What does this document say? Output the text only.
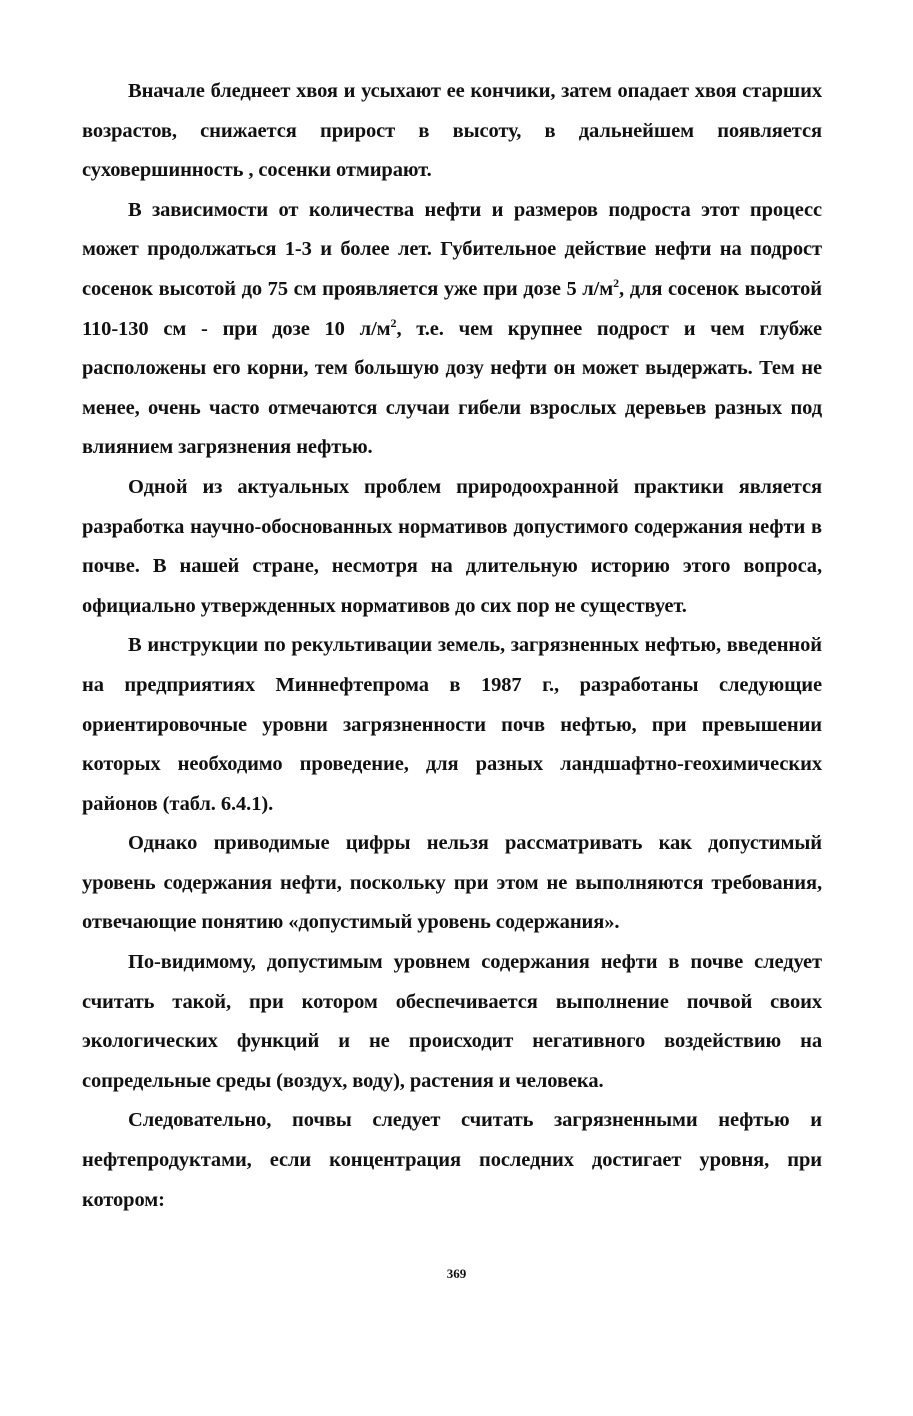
Вначале бледнеет хвоя и усыхают ее кончики, затем опадает хвоя старших возрастов, снижается прирост в высоту, в дальнейшем появляется суховершинность , сосенки отмирают.

В зависимости от количества нефти и размеров подроста этот процесс может продолжаться 1-3 и более лет. Губительное действие нефти на подрост сосенок высотой до 75 см проявляется уже при дозе 5 $л/м^2$, для сосенок высотой 110-130 см - при дозе 10 $л/м^2$, т.е. чем крупнее подрост и чем глубже расположены его корни, тем большую дозу нефти он может выдержать. Тем не менее, очень часто отмечаются случаи гибели взрослых деревьев разных под влиянием загрязнения нефтью.

Одной из актуальных проблем природоохранной практики является разработка научно-обоснованных нормативов допустимого содержания нефти в почве. В нашей стране, несмотря на длительную историю этого вопроса, официально утвержденных нормативов до сих пор не существует.

В инструкции по рекультивации земель, загрязненных нефтью, введенной на предприятиях Миннефтепрома в 1987 г., разработаны следующие ориентировочные уровни загрязненности почв нефтью, при превышении которых необходимо проведение, для разных ландшафтно-геохимических районов (табл. 6.4.1).

Однако приводимые цифры нельзя рассматривать как допустимый уровень содержания нефти, поскольку при этом не выполняются требования, отвечающие понятию «допустимый уровень содержания».

По-видимому, допустимым уровнем содержания нефти в почве следует считать такой, при котором обеспечивается выполнение почвой своих экологических функций и не происходит негативного воздействию на сопредельные среды (воздух, воду), растения и человека.

Следовательно, почвы следует считать загрязненными нефтью и нефтепродуктами, если концентрация последних достигает уровня, при котором:

369
